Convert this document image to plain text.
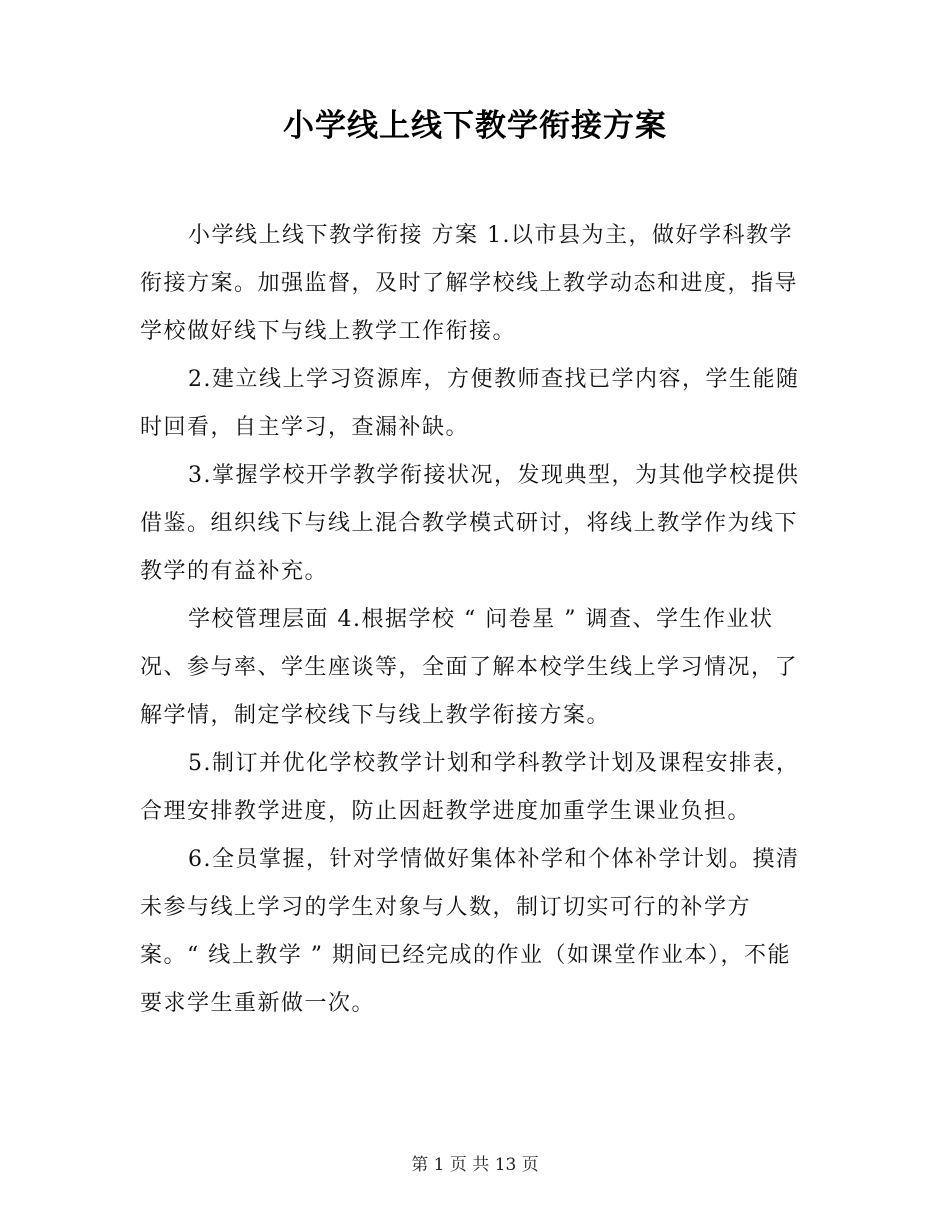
小学线上线下教学衔接方案

小学线上线下教学衔接 方案 1.以市县为主，做好学科教学衔接方案。加强监督，及时了解学校线上教学动态和进度，指导学校做好线下与线上教学工作衔接。

2.建立线上学习资源库，方便教师查找已学内容，学生能随时回看，自主学习，查漏补缺。

3.掌握学校开学教学衔接状况，发现典型，为其他学校提供借鉴。组织线下与线上混合教学模式研讨，将线上教学作为线下教学的有益补充。

学校管理层面 4.根据学校 “ 问卷星 ” 调查、学生作业状况、参与率、学生座谈等，全面了解本校学生线上学习情况，了解学情，制定学校线下与线上教学衔接方案。

5.制订并优化学校教学计划和学科教学计划及课程安排表，合理安排教学进度，防止因赶教学进度加重学生课业负担。

6.全员掌握，针对学情做好集体补学和个体补学计划。摸清未参与线上学习的学生对象与人数，制订切实可行的补学方案。“ 线上教学 ” 期间已经完成的作业（如课堂作业本），不能要求学生重新做一次。

第 1 页 共 13 页
